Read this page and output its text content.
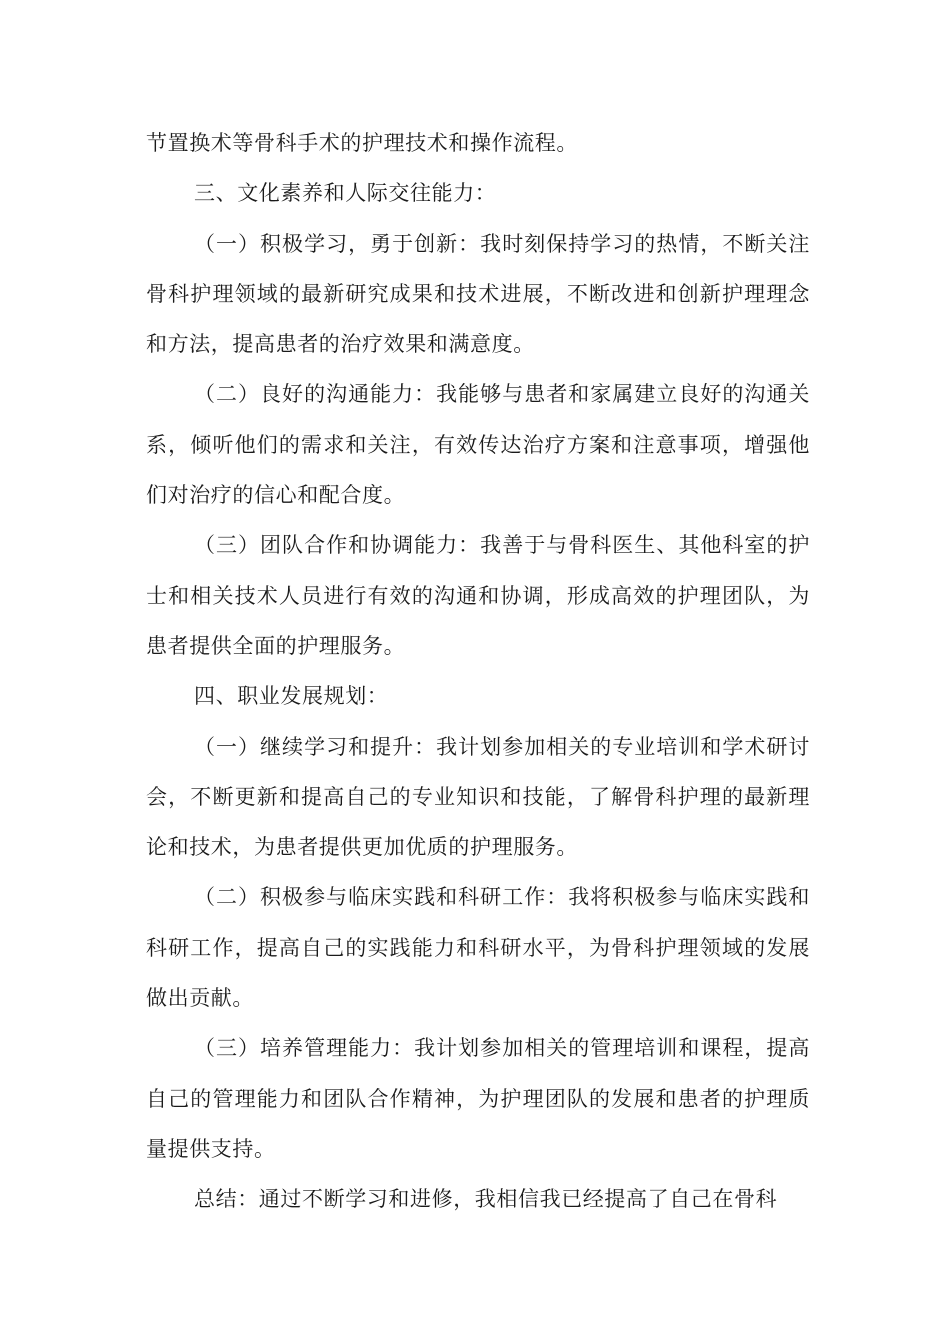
节置换术等骨科手术的护理技术和操作流程。

三、文化素养和人际交往能力：

（一）积极学习，勇于创新：我时刻保持学习的热情，不断关注骨科护理领域的最新研究成果和技术进展，不断改进和创新护理理念和方法，提高患者的治疗效果和满意度。

（二）良好的沟通能力：我能够与患者和家属建立良好的沟通关系，倾听他们的需求和关注，有效传达治疗方案和注意事项，增强他们对治疗的信心和配合度。

（三）团队合作和协调能力：我善于与骨科医生、其他科室的护士和相关技术人员进行有效的沟通和协调，形成高效的护理团队，为患者提供全面的护理服务。

四、职业发展规划：

（一）继续学习和提升：我计划参加相关的专业培训和学术研讨会，不断更新和提高自己的专业知识和技能，了解骨科护理的最新理论和技术，为患者提供更加优质的护理服务。

（二）积极参与临床实践和科研工作：我将积极参与临床实践和科研工作，提高自己的实践能力和科研水平，为骨科护理领域的发展做出贡献。

（三）培养管理能力：我计划参加相关的管理培训和课程，提高自己的管理能力和团队合作精神，为护理团队的发展和患者的护理质量提供支持。

总结：通过不断学习和进修，我相信我已经提高了自己在骨科
